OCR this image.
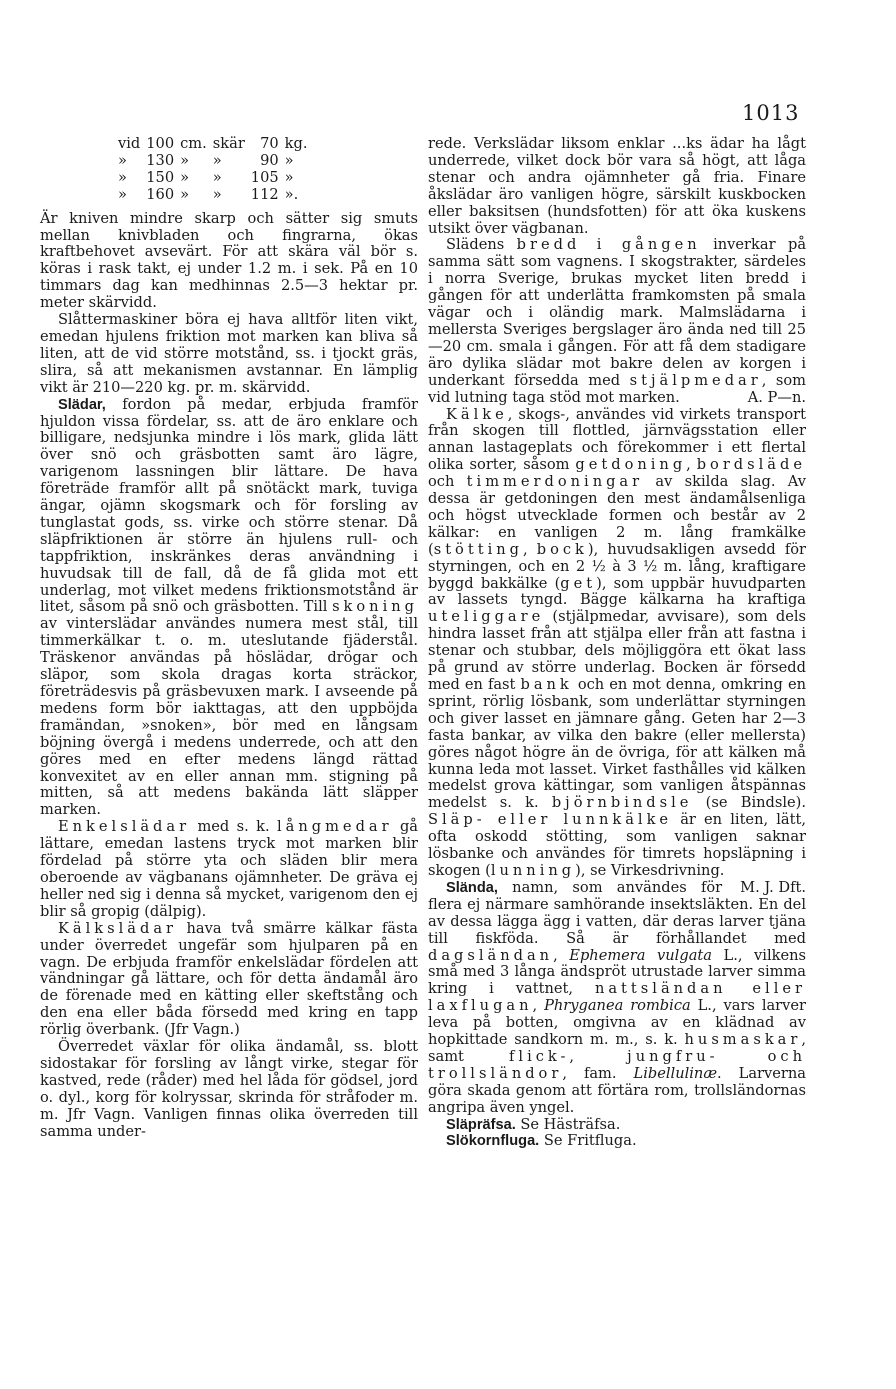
1013
vid	100	cm.	skär	70	kg.
»	130	»	»	90	»
»	150	»	»	105	»
»	160	»	»	112	».

Är kniven mindre skarp och sätter sig smuts mellan knivbladen och fingrarna, ökas kraftbehovet avsevärt. För att skära väl bör s. köras i rask takt, ej under 1.2 m. i sek. På en 10 timmars dag kan medhinnas 2.5—3 hektar pr. meter skärvidd.

Slåttermaskiner böra ej hava alltför liten vikt, emedan hjulens friktion mot marken kan bliva så liten, att de vid större motstånd, ss. i tjockt gräs, slira, så att mekanismen avstannar. En lämplig vikt är 210—220 kg. pr. m. skärvidd.

Slädar, fordon på medar, erbjuda framför hjuldon vissa fördelar, ss. att de äro enklare och billigare, nedsjunka mindre i lös mark, glida lätt över snö och gräsbotten samt äro lägre, varigenom lassningen blir lättare. De hava företräde framför allt på snötäckt mark, tuviga ängar, ojämn skogsmark och för forsling av tunglastat gods, ss. virke och större stenar. Då släpfriktionen är större än hjulens rull- och tappfriktion, inskränkes deras användning i huvudsak till de fall, då de få glida mot ett underlag, mot vilket medens friktionsmotstånd är litet, såsom på snö och gräsbotten. Till skoning av vinterslädar användes numera mest stål, till timmerkälkar t. o. m. uteslutande fjäderstål. Träskenor användas på höslädar, drögar och släpor, som skola dragas korta sträckor, företrädesvis på gräsbevuxen mark. I avseende på medens form bör iakttagas, att den uppböjda framändan, »snoken», bör med en långsam böjning övergå i medens underrede, och att den göres med en efter medens längd rättad konvexitet av en eller annan mm. stigning på mitten, så att medens bakända lätt släpper marken.

Enkelslädar med s. k. långmedar gå lättare, emedan lastens tryck mot marken blir fördelad på större yta och släden blir mera oberoende av vägbanans ojämnheter. De gräva ej heller ned sig i denna så mycket, varigenom den ej blir så gropig (dälpig).

Kälkslädar hava två smärre kälkar fästa under överredet ungefär som hjulparen på en vagn. De erbjuda framför enkelslädar fördelen att vändningar gå lättare, och för detta ändamål äro de förenade med en kätting eller skeftstång och den ena eller båda försedd med kring en tapp rörlig överbank. (Jfr Vagn.)

Överredet växlar för olika ändamål, ss. blott sidostakar för forsling av långt virke, stegar för kastved, rede (råder) med hel låda för gödsel, jord o. dyl., korg för kolryssar, skrinda för stråfoder m. m. Jfr Vagn. Vanligen finnas olika överreden till samma under-

rede. Verkslädar liksom enklar ...ks ädar ha lågt underrede, vilket dock bör vara så högt, att låga stenar och andra ojämnheter gå fria. Finare åkslädar äro vanligen högre, särskilt kuskbocken eller baksitsen (hundsfotten) för att öka kuskens utsikt över vägbanan.

Slädens bredd i gången inverkar på samma sätt som vagnens. I skogstrakter, särdeles i norra Sverige, brukas mycket liten bredd i gången för att underlätta framkomsten på smala vägar och i oländig mark. Malmslädarna i mellersta Sveriges bergslager äro ända ned till 25—20 cm. smala i gången. För att få dem stadigare äro dylika slädar mot bakre delen av korgen i underkant försedda med stjälpmedar, som vid lutning taga stöd mot marken.	A. P—n.

Kälke, skogs-, användes vid virkets transport från skogen till flottled, järnvägsstation eller annan lastageplats och förekommer i ett flertal olika sorter, såsom getdoning, bordsläde och timmerdoningar av skilda slag. Av dessa är getdoningen den mest ändamålsenliga och högst utvecklade formen och består av 2 kälkar: en vanligen 2 m. lång framkälke (stötting, bock), huvudsakligen avsedd för styrningen, och en 2 ½ à 3 ½ m. lång, kraftigare byggd bakkälke (get), som uppbär huvudparten av lassets tyngd. Bägge kälkarna ha kraftiga uteliggare (stjälpmedar, avvisare), som dels hindra lasset från att stjälpa eller från att fastna i stenar och stubbar, dels möjliggöra ett ökat lass på grund av större underlag. Bocken är försedd med en fast bank och en mot denna, omkring en sprint, rörlig lösbank, som underlättar styrningen och giver lasset en jämnare gång. Geten har 2—3 fasta bankar, av vilka den bakre (eller mellersta) göres något högre än de övriga, för att kälken må kunna leda mot lasset. Virket fasthålles vid kälken medelst grova kättingar, som vanligen åtspännas medelst s. k. björnbindsle (se Bindsle). Släp- eller lunnkälke är en liten, lätt, ofta oskodd stötting, som vanligen saknar lösbanke och användes för timrets hopsläpning i skogen (lunning), se Virkesdrivning.
M. J. Dft.

Slända, namn, som användes för flera ej närmare samhörande insektsläkten. En del av dessa lägga ägg i vatten, där deras larver tjäna till fiskföda. Så är förhållandet med dagsländan, Ephemera vulgata L., vilkens små med 3 långa ändspröt utrustade larver simma kring i vattnet, nattsländan eller laxflugan, Phryganea rombica L., vars larver leva på botten, omgivna av en klädnad av hopkittade sandkorn m. m., s. k. husmaskar, samt flick-, jungfru- och trollsländor, fam. Libellulinæ. Larverna göra skada genom att förtära rom, trollsländornas angripa även yngel.

Släpräfsa. Se Hästräfsa.

Slökornfluga. Se Fritfluga.
